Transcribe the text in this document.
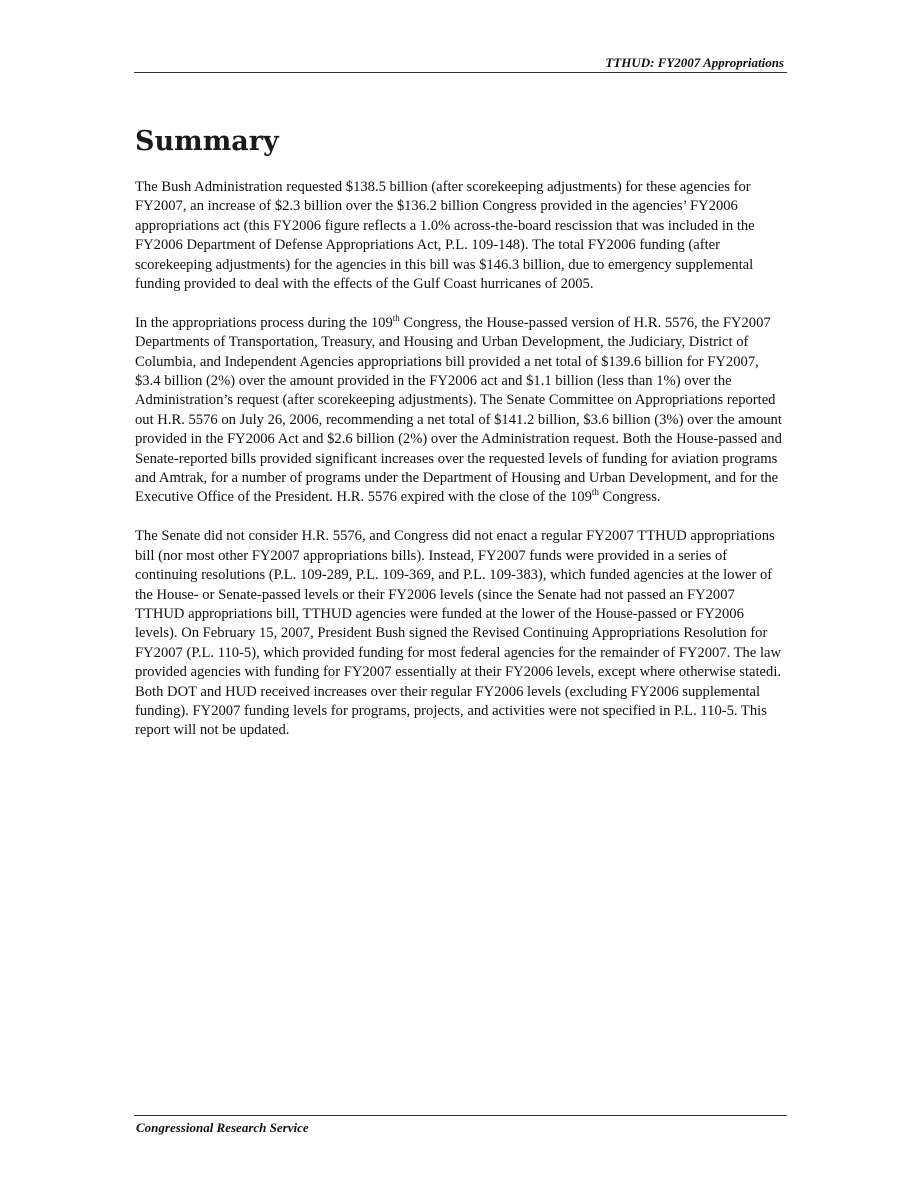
TTHUD: FY2007 Appropriations
Summary

The Bush Administration requested $138.5 billion (after scorekeeping adjustments) for these agencies for FY2007, an increase of $2.3 billion over the $136.2 billion Congress provided in the agencies’ FY2006 appropriations act (this FY2006 figure reflects a 1.0% across-the-board rescission that was included in the FY2006 Department of Defense Appropriations Act, P.L. 109-148). The total FY2006 funding (after scorekeeping adjustments) for the agencies in this bill was $146.3 billion, due to emergency supplemental funding provided to deal with the effects of the Gulf Coast hurricanes of 2005.

In the appropriations process during the 109th Congress, the House-passed version of H.R. 5576, the FY2007 Departments of Transportation, Treasury, and Housing and Urban Development, the Judiciary, District of Columbia, and Independent Agencies appropriations bill provided a net total of $139.6 billion for FY2007, $3.4 billion (2%) over the amount provided in the FY2006 act and $1.1 billion (less than 1%) over the Administration’s request (after scorekeeping adjustments). The Senate Committee on Appropriations reported out H.R. 5576 on July 26, 2006, recommending a net total of $141.2 billion, $3.6 billion (3%) over the amount provided in the FY2006 Act and $2.6 billion (2%) over the Administration request. Both the House-passed and Senate-reported bills provided significant increases over the requested levels of funding for aviation programs and Amtrak, for a number of programs under the Department of Housing and Urban Development, and for the Executive Office of the President. H.R. 5576 expired with the close of the 109th Congress.

The Senate did not consider H.R. 5576, and Congress did not enact a regular FY2007 TTHUD appropriations bill (nor most other FY2007 appropriations bills). Instead, FY2007 funds were provided in a series of continuing resolutions (P.L. 109-289, P.L. 109-369, and P.L. 109-383), which funded agencies at the lower of the House- or Senate-passed levels or their FY2006 levels (since the Senate had not passed an FY2007 TTHUD appropriations bill, TTHUD agencies were funded at the lower of the House-passed or FY2006 levels). On February 15, 2007, President Bush signed the Revised Continuing Appropriations Resolution for FY2007 (P.L. 110-5), which provided funding for most federal agencies for the remainder of FY2007. The law provided agencies with funding for FY2007 essentially at their FY2006 levels, except where otherwise statedi. Both DOT and HUD received increases over their regular FY2006 levels (excluding FY2006 supplemental funding). FY2007 funding levels for programs, projects, and activities were not specified in P.L. 110-5. This report will not be updated.

Congressional Research Service
